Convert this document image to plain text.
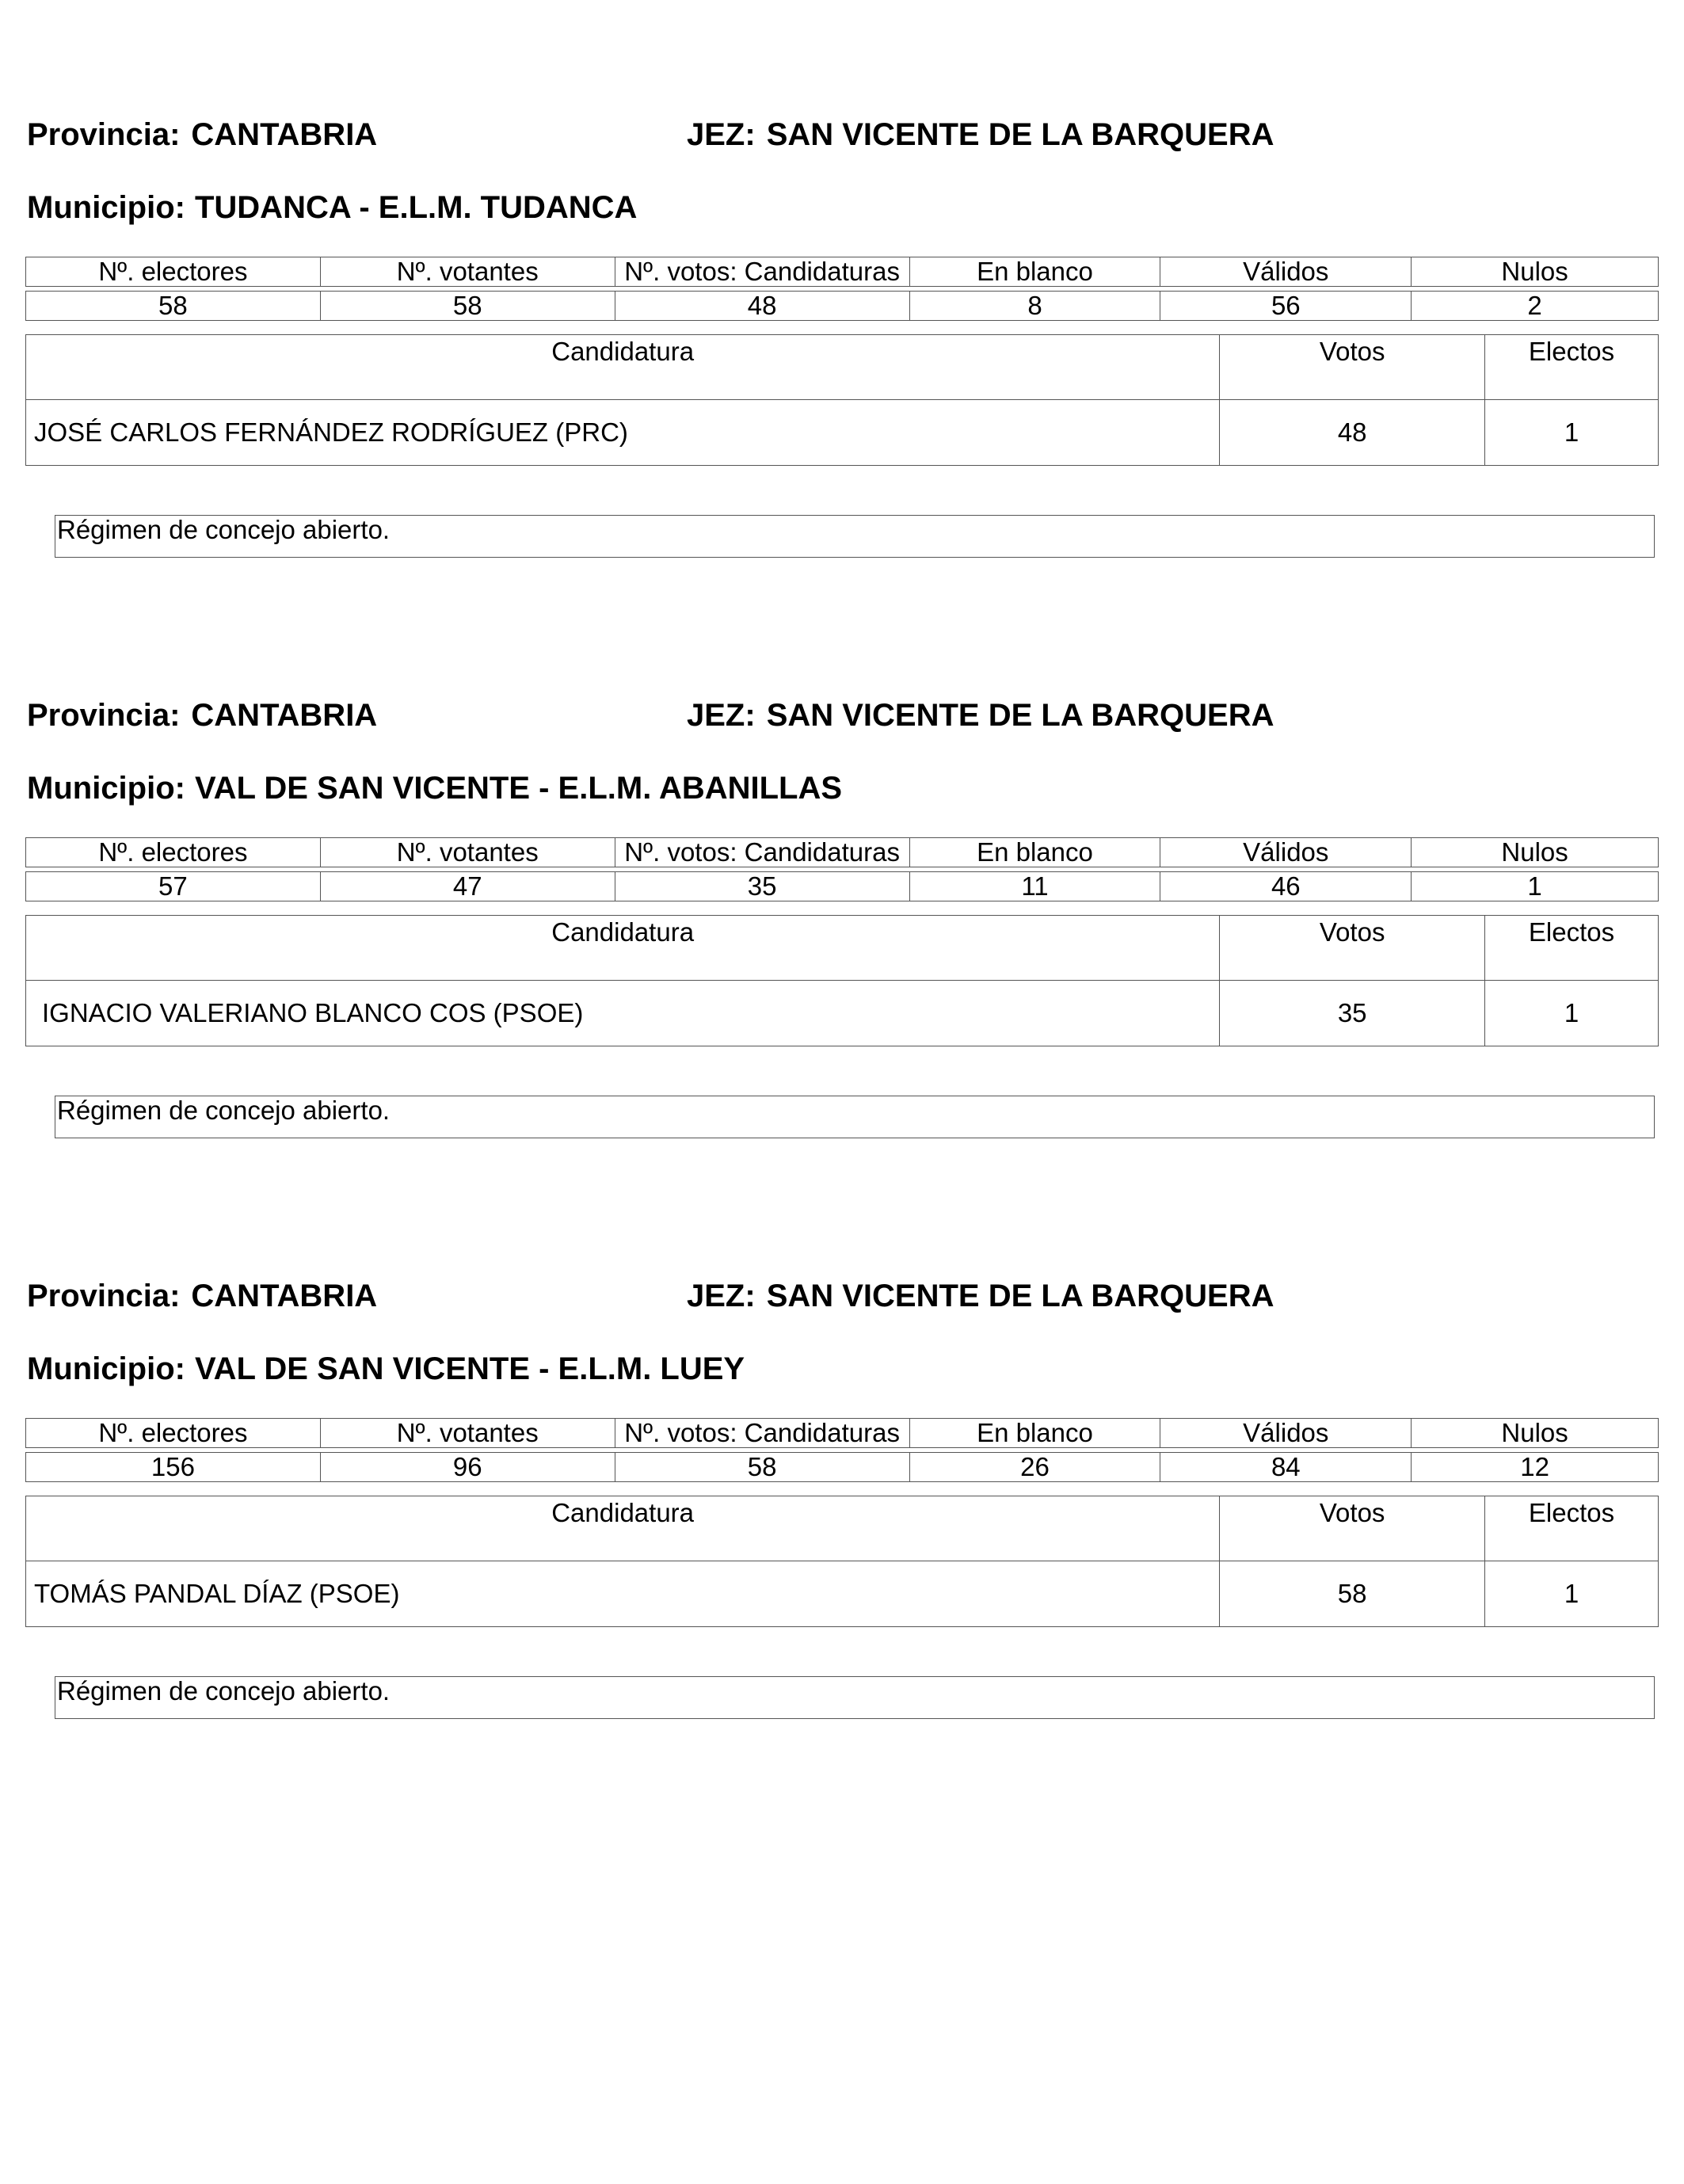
Provincia: CANTABRIA	JEZ: SAN VICENTE DE LA BARQUERA
Municipio: TUDANCA - E.L.M. TUDANCA
Nº. electores	Nº. votantes	Nº. votos: Candidaturas	En blanco	Válidos	Nulos

58	58	48	8	56	2
Candidatura	Votos	Electos
JOSÉ CARLOS FERNÁNDEZ RODRÍGUEZ (PRC)	48	1
Régimen de concejo abierto.
Provincia: CANTABRIA	JEZ: SAN VICENTE DE LA BARQUERA
Municipio: VAL DE SAN VICENTE - E.L.M. ABANILLAS
Nº. electores	Nº. votantes	Nº. votos: Candidaturas	En blanco	Válidos	Nulos

57	47	35	11	46	1
Candidatura	Votos	Electos
IGNACIO VALERIANO BLANCO COS (PSOE)	35	1
Régimen de concejo abierto.
Provincia: CANTABRIA	JEZ: SAN VICENTE DE LA BARQUERA
Municipio: VAL DE SAN VICENTE - E.L.M. LUEY
Nº. electores	Nº. votantes	Nº. votos: Candidaturas	En blanco	Válidos	Nulos

156	96	58	26	84	12
Candidatura	Votos	Electos
TOMÁS PANDAL DÍAZ (PSOE)	58	1
Régimen de concejo abierto.
